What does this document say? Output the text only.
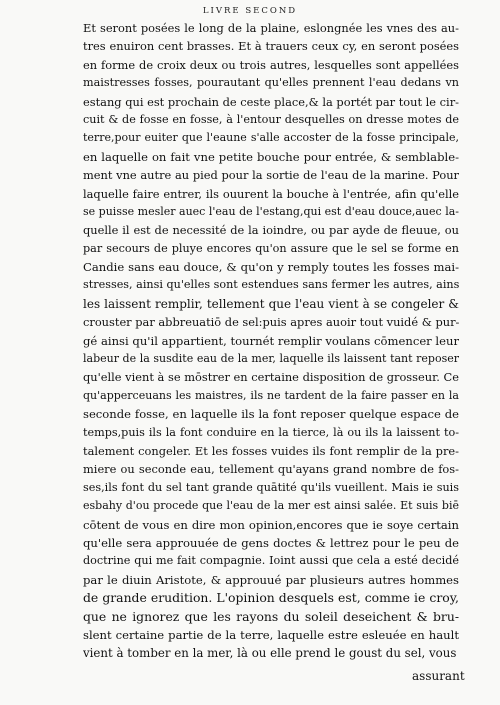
LIVRE SECOND
Et seront posées le long de la plaine, eslongnée les vnes des au-
tres enuiron cent brasses. Et à trauers ceux cy, en seront posées
en forme de croix deux ou trois autres, lesquelles sont appellées
maistresses fosses, pourautant qu'elles prennent l'eau dedans vn
estang qui est prochain de ceste place,& la portét par tout le cir-
cuit & de fosse en fosse, à l'entour desquelles on dresse motes de
terre,pour euiter que l'eaune s'alle accoster de la fosse principale,
en laquelle on fait vne petite bouche pour entrée, & semblable-
ment vne autre au pied pour la sortie de l'eau de la marine. Pour
laquelle faire entrer, ils ouurent la bouche à l'entrée, afin qu'elle
se puisse mesler auec l'eau de l'estang,qui est d'eau douce,auec la-
quelle il est de necessité de la ioindre, ou par ayde de fleuue, ou
par secours de pluye encores qu'on assure que le sel se forme en
Candie sans eau douce, & qu'on y remply toutes les fosses mai-
stresses, ainsi qu'elles sont estendues sans fermer les autres, ains
les laissent remplir, tellement que l'eau vient à se congeler &
crouster par abbreuatiō de sel:puis apres auoir tout vuidé & pur-
gé ainsi qu'il appartient, tournét remplir voulans cōmencer leur
labeur de la susdite eau de la mer, laquelle ils laissent tant reposer
qu'elle vient à se mōstrer en certaine disposition de grosseur. Ce
qu'apperceuans les maistres, ils ne tardent de la faire passer en la
seconde fosse, en laquelle ils la font reposer quelque espace de
temps,puis ils la font conduire en la tierce, là ou ils la laissent to-
talement congeler. Et les fosses vuides ils font remplir de la pre-
miere ou seconde eau, tellement qu'ayans grand nombre de fos-
ses,ils font du sel tant grande quātité qu'ils vueillent. Mais ie suis
esbahy d'ou procede que l'eau de la mer est ainsi salée. Et suis biē
cōtent de vous en dire mon opinion,encores que ie soye certain
qu'elle sera approuuée de gens doctes & lettrez pour le peu de
doctrine qui me fait compagnie. Ioint aussi que cela a esté decidé
par le diuin Aristote, & approuué par plusieurs autres hommes
de grande erudition. L'opinion desquels est, comme ie croy,
que ne ignorez que les rayons du soleil deseichent & bru-
slent certaine partie de la terre, laquelle estre esleuée en hault
vient à tomber en la mer, là ou elle prend le goust du sel, vous
assurant
